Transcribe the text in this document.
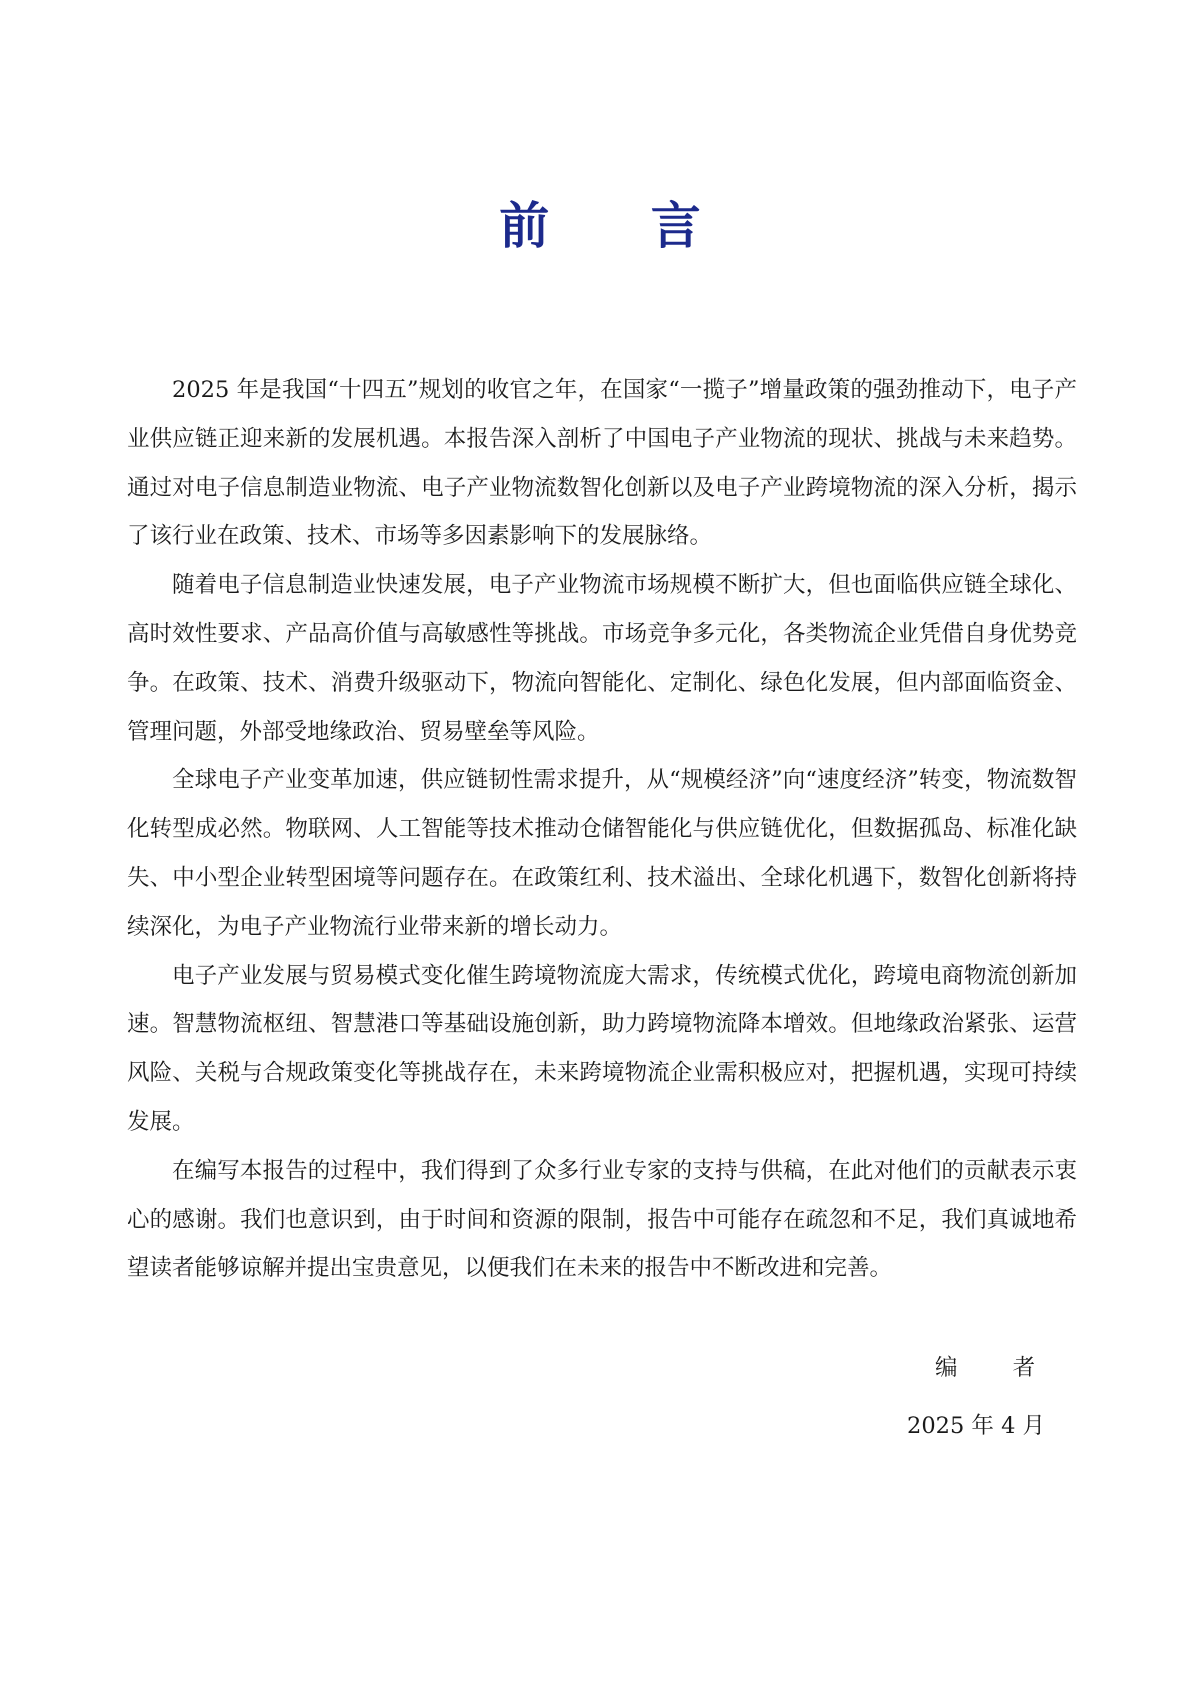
前 言

2025 年是我国“十四五”规划的收官之年，在国家“一揽子”增量政策的强劲推动下，电子产业供应链正迎来新的发展机遇。本报告深入剖析了中国电子产业物流的现状、挑战与未来趋势。通过对电子信息制造业物流、电子产业物流数智化创新以及电子产业跨境物流的深入分析，揭示了该行业在政策、技术、市场等多因素影响下的发展脉络。

随着电子信息制造业快速发展，电子产业物流市场规模不断扩大，但也面临供应链全球化、高时效性要求、产品高价值与高敏感性等挑战。市场竞争多元化，各类物流企业凭借自身优势竞争。在政策、技术、消费升级驱动下，物流向智能化、定制化、绿色化发展，但内部面临资金、管理问题，外部受地缘政治、贸易壁垒等风险。

全球电子产业变革加速，供应链韧性需求提升，从“规模经济”向“速度经济”转变，物流数智化转型成必然。物联网、人工智能等技术推动仓储智能化与供应链优化，但数据孤岛、标准化缺失、中小型企业转型困境等问题存在。在政策红利、技术溢出、全球化机遇下，数智化创新将持续深化，为电子产业物流行业带来新的增长动力。

电子产业发展与贸易模式变化催生跨境物流庞大需求，传统模式优化，跨境电商物流创新加速。智慧物流枢纽、智慧港口等基础设施创新，助力跨境物流降本增效。但地缘政治紧张、运营风险、关税与合规政策变化等挑战存在，未来跨境物流企业需积极应对，把握机遇，实现可持续发展。

在编写本报告的过程中，我们得到了众多行业专家的支持与供稿，在此对他们的贡献表示衷心的感谢。我们也意识到，由于时间和资源的限制，报告中可能存在疏忽和不足，我们真诚地希望读者能够谅解并提出宝贵意见，以便我们在未来的报告中不断改进和完善。

编 者
2025 年 4 月
